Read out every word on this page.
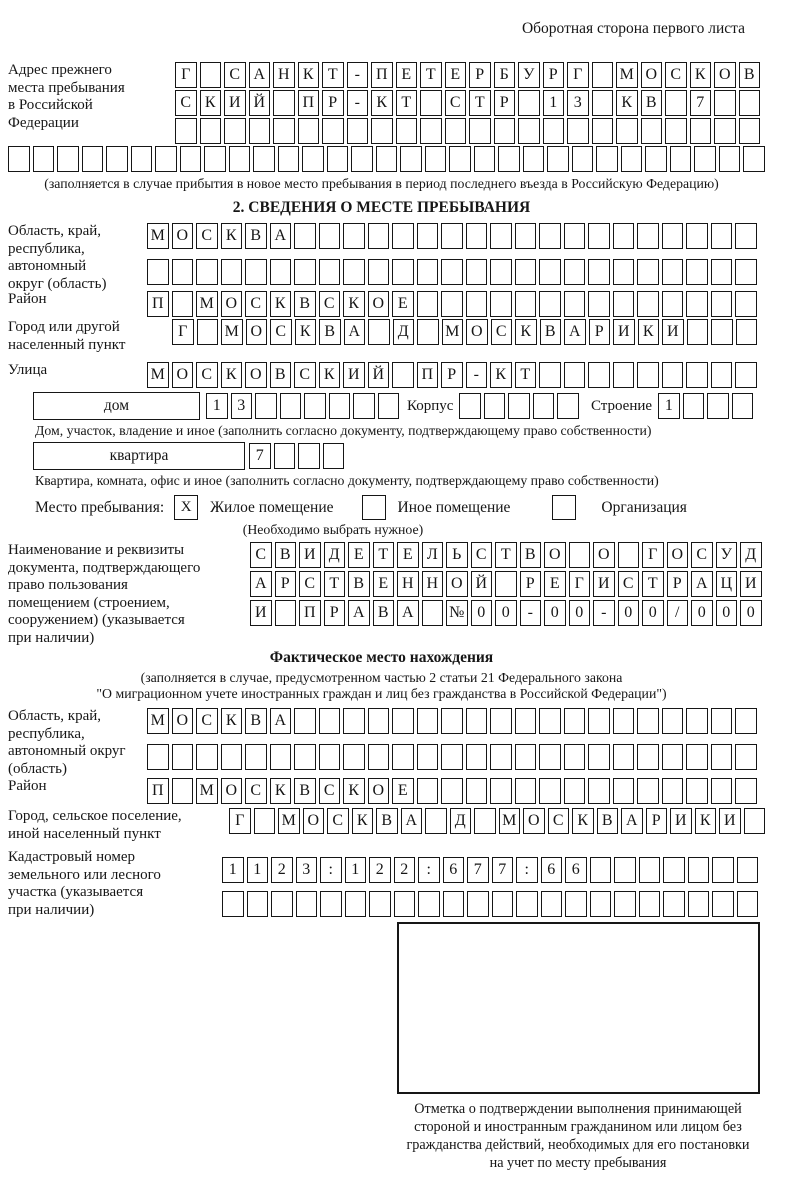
Оборотная сторона первого листа
Адрес прежнего
места пребывания
в Российской
Федерации
Г	С А Н К Т	-	П Е Т Е Р Б У Р Г	М О С К О В
С К И Й	П Р	-	К Т	С Т Р	1	3	К В	7
(заполняется в случае прибытия в новое место пребывания в период последнего въезда в Российскую Федерацию)
2. СВЕДЕНИЯ О МЕСТЕ ПРЕБЫВАНИЯ
Область, край,
республика,
автономный
округ (область)
М О С К В А
Район	П	М О С К В С К О Е
Город или другой
населенный пункт
Г	М О С К В А	Д	М О С К В А Р И К И
Улица	М О С К О В С К И Й	П Р	-	К Т
дом	1	3	Корпус	Строение 1
Дом, участок, владение и иное (заполнить согласно документу, подтверждающему право собственности)
квартира	7
Квартира, комната, офис и иное (заполнить согласно документу, подтверждающему право собственности)
Место пребывания:	X	Жилое помещение	Иное помещение	Организация
(Необходимо выбрать нужное)
Наименование и реквизиты
документа, подтверждающего
право пользования
помещением (строением,
сооружением) (указывается
при наличии)
С В И Д Е Т Е Л Ь С Т В О	О	Г О С У Д
А Р С Т В Е Н Н О Й	Р Е Г И С Т Р А Ц И
И	П Р А В А	№ 0	0	-	0	0	-	0	0	/	0	0	0
Фактическое место нахождения
(заполняется в случае, предусмотренном частью 2 статьи 21 Федерального закона
"О миграционном учете иностранных граждан и лиц без гражданства в Российской Федерации")
Область, край,
республика,
автономный округ
(область)
М О С К В А
Район	П	М О С К В С К О Е
Город, сельское поселение,
иной населенный пункт
Г	М О С К В А	Д	М О С К В А Р И К И
Кадастровый номер
земельного или лесного
участка (указывается
при наличии)
1	1	2	3	:	1	2	2	:	6	7	7	:	6	6
Отметка о подтверждении выполнения принимающей
стороной и иностранным гражданином или лицом без
гражданства действий, необходимых для его постановки
на учет по месту пребывания
